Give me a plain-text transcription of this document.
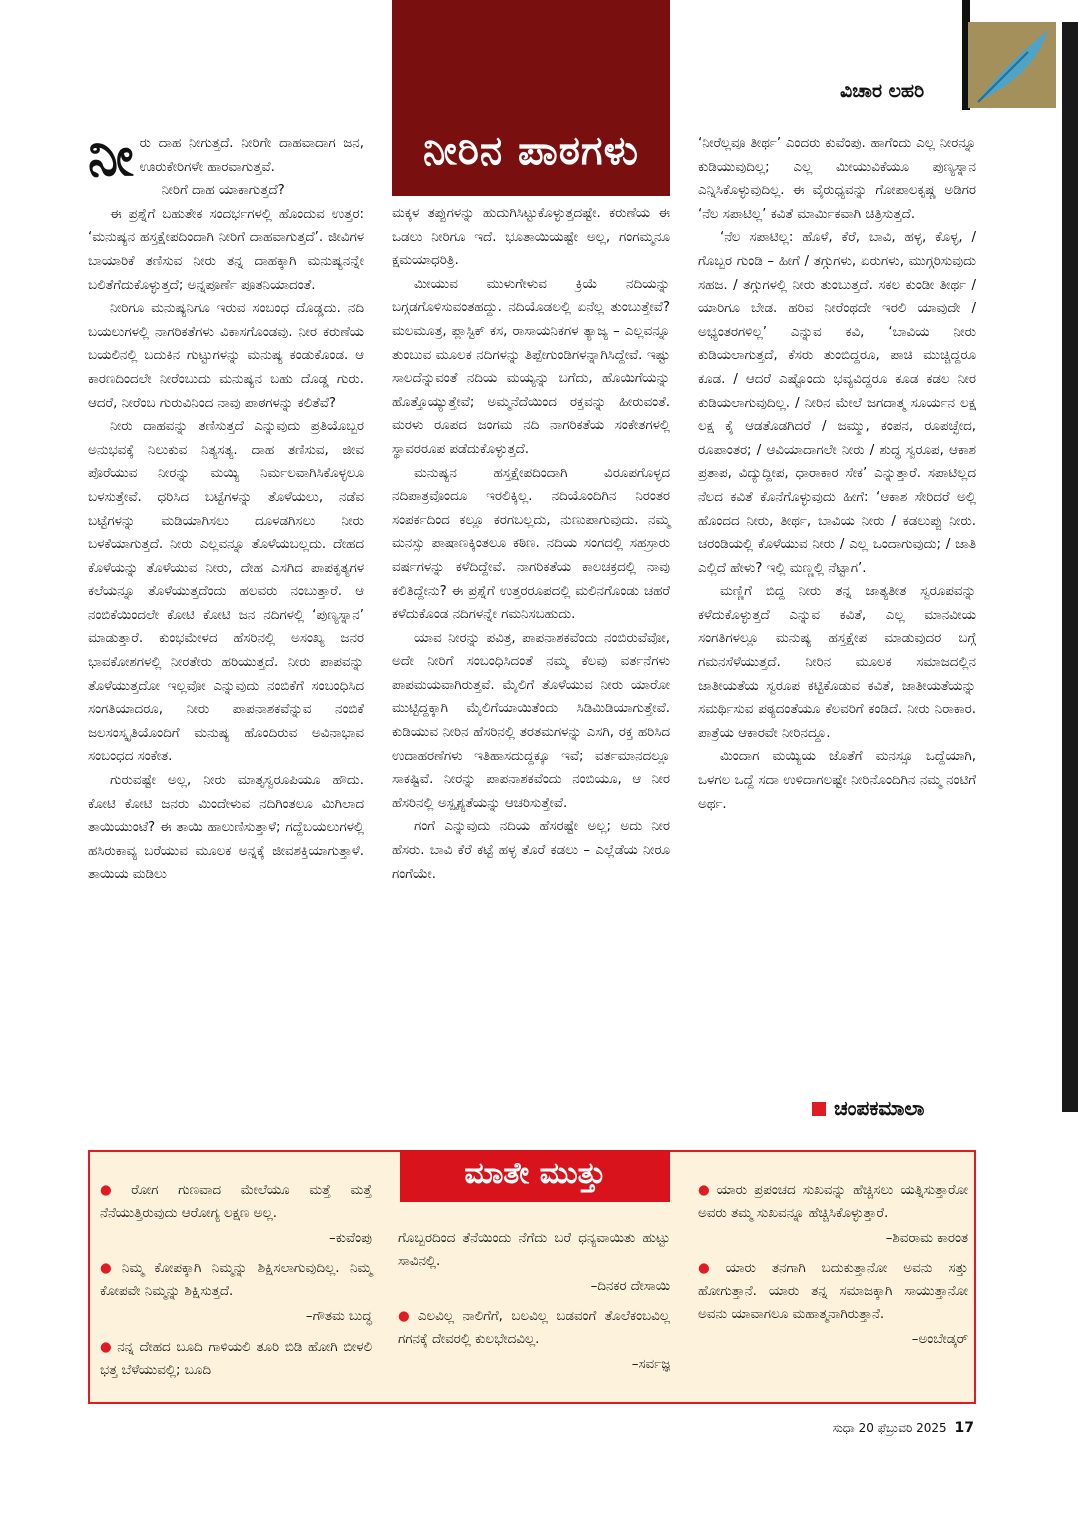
ವಿಚಾರ ಲಹರಿ
ನೀರಿನ ಪಾಠಗಳು

ನೀರು ದಾಹ ನೀಗುತ್ತದೆ. ನೀರಿಗೇ ದಾಹವಾದಾಗ ಜನ, ಊರುಕೇರಿಗಳೇ ಹಾರವಾಗುತ್ತವೆ.

ನೀರಿಗೆ ದಾಹ ಯಾಕಾಗುತ್ತದೆ?

ಈ ಪ್ರಶ್ನೆಗೆ ಬಹುತೇಕ ಸಂದರ್ಭಗಳಲ್ಲಿ ಹೊಂದುವ ಉತ್ತರ: ‘ಮನುಷ್ಯನ ಹಸ್ತಕ್ಷೇಪದಿಂದಾಗಿ ನೀರಿಗೆ ದಾಹವಾಗುತ್ತದೆ’. ಜೀವಿಗಳ ಬಾಯಾರಿಕೆ ತಣಿಸುವ ನೀರು ತನ್ನ ದಾಹಕ್ಕಾಗಿ ಮನುಷ್ಯನನ್ನೇ ಬಲಿತೆಗೆದುಕೊಳ್ಳುತ್ತದೆ; ಅನ್ನಪೂರ್ಣೆ ಪೂತನಿಯಾದಂತೆ.

ನೀರಿಗೂ ಮನುಷ್ಯನಿಗೂ ಇರುವ ಸಂಬಂಧ ದೊಡ್ಡದು. ನದಿ ಬಯಲುಗಳಲ್ಲಿ ನಾಗರಿಕತೆಗಳು ವಿಕಾಸಗೊಂಡವು. ನೀರ ಕರುಣೆಯ ಬಯಲಿನಲ್ಲಿ ಬದುಕಿನ ಗುಟ್ಟುಗಳನ್ನು ಮನುಷ್ಯ ಕಂಡುಕೊಂಡ. ಆ ಕಾರಣದಿಂದಲೇ ನೀರೆಂಬುದು ಮನುಷ್ಯನ ಬಹು ದೊಡ್ಡ ಗುರು. ಆದರೆ, ನೀರೆಂಬ ಗುರುವಿನಿಂದ ನಾವು ಪಾಠಗಳನ್ನು ಕಲಿತೆವೆ?

ನೀರು ದಾಹವನ್ನು ತಣಿಸುತ್ತದೆ ಎನ್ನುವುದು ಪ್ರತಿಯೊಬ್ಬರ ಅನುಭವಕ್ಕೆ ನಿಲುಕುವ ನಿತ್ಯಸತ್ಯ. ದಾಹ ತಣಿಸುವ, ಜೀವ ಪೊರೆಯುವ ನೀರನ್ನು ಮಯ್ಯಿ ನಿರ್ಮಲವಾಗಿಸಿಕೊಳ್ಳಲೂ ಬಳಸುತ್ತೇವೆ. ಧರಿಸಿದ ಬಟ್ಟೆಗಳನ್ನು ತೊಳೆಯಲು, ನಡೆವ ಬಟ್ಟೆಗಳನ್ನು ಮಡಿಯಾಗಿಸಲು ದೂಳಡಗಿಸಲು ನೀರು ಬಳಕೆಯಾಗುತ್ತದೆ. ನೀರು ಎಲ್ಲವನ್ನೂ ತೊಳೆಯಬಲ್ಲದು. ದೇಹದ ಕೊಳೆಯನ್ನು ತೊಳೆಯುವ ನೀರು, ದೇಹ ಎಸಗಿದ ಪಾಪಕೃತ್ಯಗಳ ಕಲೆಯನ್ನೂ ತೊಳೆಯುತ್ತದೆಂದು ಹಲವರು ನಂಬುತ್ತಾರೆ. ಆ ನಂಬಿಕೆಯಿಂದಲೇ ಕೋಟಿ ಕೋಟಿ ಜನ ನದಿಗಳಲ್ಲಿ ‘ಪುಣ್ಯಸ್ನಾನ’ ಮಾಡುತ್ತಾರೆ. ಕುಂಭಮೇಳದ ಹೆಸರಿನಲ್ಲಿ ಅಸಂಖ್ಯ ಜನರ ಭಾವಕೋಶಗಳಲ್ಲಿ ನೀರತೇರು ಹರಿಯುತ್ತದೆ. ನೀರು ಪಾಪವನ್ನು ತೊಳೆಯುತ್ತದೋ ಇಲ್ಲವೋ ಎನ್ನುವುದು ನಂಬಿಕೆಗೆ ಸಂಬಂಧಿಸಿದ ಸಂಗತಿಯಾದರೂ, ನೀರು ಪಾಪನಾಶಕವೆನ್ನುವ ನಂಬಿಕೆ ಜಲಸಂಸ್ಕೃತಿಯೊಂದಿಗೆ ಮನುಷ್ಯ ಹೊಂದಿರುವ ಅವಿನಾಭಾವ ಸಂಬಂಧದ ಸಂಕೇತ.

ಗುರುವಷ್ಟೇ ಅಲ್ಲ, ನೀರು ಮಾತೃಸ್ವರೂಪಿಯೂ ಹೌದು. ಕೋಟಿ ಕೋಟಿ ಜನರು ಮಿಂದೇಳುವ ನದಿಗಿಂತಲೂ ಮಿಗಿಲಾದ ತಾಯಿಯುಂಟೆ? ಈ ತಾಯಿ ಹಾಲುಣಿಸುತ್ತಾಳೆ; ಗದ್ದೆಬಯಲುಗಳಲ್ಲಿ ಹಸಿರುಕಾವ್ಯ ಬರೆಯುವ ಮೂಲಕ ಅನ್ನಕ್ಕೆ ಜೀವಶಕ್ತಿಯಾಗುತ್ತಾಳೆ. ತಾಯಿಯ ಮಡಿಲು

ಮಕ್ಕಳ ತಪ್ಪುಗಳನ್ನು ಹುದುಗಿಸಿಟ್ಟುಕೊಳ್ಳುತ್ತದಷ್ಟೇ. ಕರುಣೆಯ ಈ ಒಡಲು ನೀರಿಗೂ ಇದೆ. ಭೂತಾಯಿಯಷ್ಟೇ ಅಲ್ಲ, ಗಂಗಮ್ಮನೂ ಕ್ಷಮಯಾಧರಿತ್ರಿ.

ಮೀಯುವ ಮುಳುಗೇಳುವ ಕ್ರಿಯೆ ನದಿಯನ್ನು ಬಗ್ಗಡಗೊಳಿಸುವಂತಹದ್ದು. ನದಿಯೊಡಲಲ್ಲಿ ಏನೆಲ್ಲ ತುಂಬುತ್ತೇವೆ? ಮಲಮೂತ್ರ, ಪ್ಲಾಸ್ಟಿಕ್ ಕಸ, ರಾಸಾಯನಿಕಗಳ ತ್ಯಾಜ್ಯ – ಎಲ್ಲವನ್ನೂ ತುಂಬುವ ಮೂಲಕ ನದಿಗಳನ್ನು ತಿಪ್ಪೇಗುಂಡಿಗಳನ್ನಾಗಿಸಿದ್ದೇವೆ. ಇಷ್ಟು ಸಾಲದೆನ್ನುವಂತೆ ನದಿಯ ಮಯ್ಯನ್ನು ಬಗೆದು, ಹೊಯಿಗೆಯನ್ನು ಹೊತ್ತೊಯ್ಯುತ್ತೇವೆ; ಅಮ್ಮನೆದೆಯಿಂದ ರಕ್ತವನ್ನು ಹೀರುವಂತೆ. ಮರಳು ರೂಪದ ಜಂಗಮ ನದಿ ನಾಗರಿಕತೆಯ ಸಂಕೇತಗಳಲ್ಲಿ ಸ್ಥಾವರರೂಪ ಪಡೆದುಕೊಳ್ಳುತ್ತದೆ.

ಮನುಷ್ಯನ ಹಸ್ತಕ್ಷೇಪದಿಂದಾಗಿ ವಿರೂಪಗೊಳ್ಳದ ನದಿಪಾತ್ರವೊಂದೂ ಇರಲಿಕ್ಕಿಲ್ಲ. ನದಿಯೊಂದಿಗಿನ ನಿರಂತರ ಸಂಪರ್ಕದಿಂದ ಕಲ್ಲೂ ಕರಗಬಲ್ಲದು, ನುಣುಪಾಗುವುದು. ನಮ್ಮ ಮನಸ್ಸು ಪಾಷಾಣಕ್ಕಿಂತಲೂ ಕಠಿಣ. ನದಿಯ ಸಂಗದಲ್ಲಿ ಸಹಸ್ರಾರು ವರ್ಷಗಳನ್ನು ಕಳೆದಿದ್ದೇವೆ. ನಾಗರಿಕತೆಯ ಕಾಲಚಕ್ರದಲ್ಲಿ ನಾವು ಕಲಿತಿದ್ದೇನು? ಈ ಪ್ರಶ್ನೆಗೆ ಉತ್ತರರೂಪದಲ್ಲಿ ಮಲಿನಗೊಂಡು ಚಹರೆ ಕಳೆದುಕೊಂಡ ನದಿಗಳನ್ನೇ ಗಮನಿಸಬಹುದು.

ಯಾವ ನೀರನ್ನು ಪವಿತ್ರ, ಪಾಪನಾಶಕವೆಂದು ನಂಬಿರುವೆವೋ, ಅದೇ ನೀರಿಗೆ ಸಂಬಂಧಿಸಿದಂತೆ ನಮ್ಮ ಕೆಲವು ವರ್ತನೆಗಳು ಪಾಪಮಯವಾಗಿರುತ್ತವೆ. ಮೈಲಿಗೆ ತೊಳೆಯುವ ನೀರು ಯಾರೋ ಮುಟ್ಟಿದ್ದಕ್ಕಾಗಿ ಮೈಲಿಗೆಯಾಯಿತೆಂದು ಸಿಡಿಮಿಡಿಯಾಗುತ್ತೇವೆ. ಕುಡಿಯುವ ನೀರಿನ ಹೆಸರಿನಲ್ಲಿ ತರತಮಗಳನ್ನು ಎಸಗಿ, ರಕ್ತ ಹರಿಸಿದ ಉದಾಹರಣೆಗಳು ಇತಿಹಾಸದುದ್ದಕ್ಕೂ ಇವೆ; ವರ್ತಮಾನದಲ್ಲೂ ಸಾಕಷ್ಟಿವೆ. ನೀರನ್ನು ಪಾಪನಾಶಕವೆಂದು ನಂಬಿಯೂ, ಆ ನೀರ ಹೆಸರಿನಲ್ಲಿ ಅಸ್ಪೃಶ್ಯತೆಯನ್ನು ಆಚರಿಸುತ್ತೇವೆ.

ಗಂಗೆ ಎನ್ನುವುದು ನದಿಯ ಹೆಸರಷ್ಟೇ ಅಲ್ಲ; ಅದು ನೀರ ಹೆಸರು. ಬಾವಿ ಕೆರೆ ಕಟ್ಟೆ ಹಳ್ಳ ತೊರೆ ಕಡಲು – ಎಲ್ಲೆಡೆಯ ನೀರೂ ಗಂಗೆಯೇ.

‘ನೀರೆಲ್ಲವೂ ತೀರ್ಥ’ ಎಂದರು ಕುವೆಂಪು. ಹಾಗೆಂದು ಎಲ್ಲ ನೀರನ್ನೂ ಕುಡಿಯುವುದಿಲ್ಲ; ಎಲ್ಲ ಮೀಯುವಿಕೆಯೂ ಪುಣ್ಯಸ್ನಾನ ಎನ್ನಿಸಿಕೊಳ್ಳುವುದಿಲ್ಲ. ಈ ವೈರುಧ್ಯವನ್ನು ಗೋಪಾಲಕೃಷ್ಣ ಅಡಿಗರ ‘ನೆಲ ಸಪಾಟಿಲ್ಲ’ ಕವಿತೆ ಮಾರ್ಮಿಕವಾಗಿ ಚಿತ್ರಿಸುತ್ತದೆ.

‘ನೆಲ ಸಪಾಟಿಲ್ಲ: ಹೊಳೆ, ಕೆರೆ, ಬಾವಿ, ಹಳ್ಳ, ಕೊಳ್ಳ, / ಗೊಬ್ಬರ ಗುಂಡಿ – ಹೀಗೆ / ತಗ್ಗುಗಳು, ಏರುಗಳು, ಮುಗ್ಗರಿಸುವುದು ಸಹಜ. / ತಗ್ಗುಗಳಲ್ಲಿ ನೀರು ತುಂಬುತ್ತದೆ. ಸಕಲ ಕುಂಡೀ ತೀರ್ಥ / ಯಾರಿಗೂ ಬೇಡ. ಹರಿವ ನೀರೆಂಥದೇ ಇರಲಿ ಯಾವುದೇ / ಅಭ್ಯಂತರಗಳಿಲ್ಲ’ ಎನ್ನುವ ಕವಿ, ‘ಬಾವಿಯ ನೀರು ಕುಡಿಯಲಾಗುತ್ತದೆ, ಕೆಸರು ತುಂಬಿದ್ದರೂ, ಪಾಚಿ ಮುಚ್ಚಿದ್ದರೂ ಕೂಡ. / ಆದರೆ ಎಷ್ಟೊಂದು ಭವ್ಯವಿದ್ದರೂ ಕೂಡ ಕಡಲ ನೀರ ಕುಡಿಯಲಾಗುವುದಿಲ್ಲ. / ನೀರಿನ ಮೇಲೆ ಜಗದಾತ್ಮ ಸೂರ್ಯನ ಲಕ್ಷ ಲಕ್ಷ ಕೈ ಆಡತೊಡಗಿದರೆ / ಜಮ್ಮು, ಕಂಪನ, ರೂಪಚ್ಛೇದ, ರೂಪಾಂತರ; / ಆವಿಯಾದಾಗಲೇ ನೀರು / ಶುದ್ಧ ಸ್ವರೂಪ, ಆಕಾಶ ಪ್ರತಾಪ, ವಿದ್ಯುದ್ದೀಪ, ಧಾರಾಕಾರ ಸೇಕ’ ಎನ್ನುತ್ತಾರೆ. ಸಪಾಟಿಲ್ಲದ ನೆಲದ ಕವಿತೆ ಕೊನೆಗೊಳ್ಳುವುದು ಹೀಗೆ: ‘ಆಕಾಶ ಸೇರಿದರೆ ಅಲ್ಲಿ ಹೊಂದದ ನೀರು, ತೀರ್ಥ, ಬಾವಿಯ ನೀರು / ಕಡಲುಪ್ಪು ನೀರು. ಚರಂಡಿಯಲ್ಲಿ ಕೊಳೆಯುವ ನೀರು / ಎಲ್ಲ ಒಂದಾಗುವುದು; / ಜಾತಿ ಎಲ್ಲಿದೆ ಹೇಳು? ಇಲ್ಲಿ ಮಣ್ಣಲ್ಲಿ ನೆಟ್ಟಾಗ’.

ಮಣ್ಣಿಗೆ ಬಿದ್ದ ನೀರು ತನ್ನ ಜಾತ್ಯತೀತ ಸ್ವರೂಪವನ್ನು ಕಳೆದುಕೊಳ್ಳುತ್ತದೆ ಎನ್ನುವ ಕವಿತೆ, ಎಲ್ಲ ಮಾನವೀಯ ಸಂಗತಿಗಳಲ್ಲೂ ಮನುಷ್ಯ ಹಸ್ತಕ್ಷೇಪ ಮಾಡುವುದರ ಬಗ್ಗೆ ಗಮನಸೆಳೆಯುತ್ತದೆ. ನೀರಿನ ಮೂಲಕ ಸಮಾಜದಲ್ಲಿನ ಜಾತೀಯತೆಯ ಸ್ವರೂಪ ಕಟ್ಟಿಕೊಡುವ ಕವಿತೆ, ಜಾತೀಯತೆಯನ್ನು ಸಮರ್ಥಿಸುವ ಪಠ್ಯದಂತೆಯೂ ಕೆಲವರಿಗೆ ಕಂಡಿದೆ. ನೀರು ನಿರಾಕಾರ. ಪಾತ್ರೆಯ ಆಕಾರವೇ ನೀರಿನದ್ದೂ.

ಮಿಂದಾಗ ಮಯ್ಯಿಯ ಜೊತೆಗೆ ಮನಸ್ಸೂ ಒದ್ದೆಯಾಗಿ, ಒಳಗಲ ಒದ್ದೆ ಸದಾ ಉಳಿದಾಗಲಷ್ಟೇ ನೀರಿನೊಂದಿಗಿನ ನಮ್ಮ ನಂಟಿಗೆ ಅರ್ಥ.

ಚಂಪಕಮಾಲಾ
ಮಾತೇ ಮುತ್ತು

● ರೋಗ ಗುಣವಾದ ಮೇಲೆಯೂ ಮತ್ತೆ ಮತ್ತೆ ನೆನೆಯುತ್ತಿರುವುದು ಆರೋಗ್ಯ ಲಕ್ಷಣ ಅಲ್ಲ.

–ಕುವೆಂಪು

● ನಿಮ್ಮ ಕೋಪಕ್ಕಾಗಿ ನಿಮ್ಮನ್ನು ಶಿಕ್ಷಿಸಲಾಗುವುದಿಲ್ಲ. ನಿಮ್ಮ ಕೋಪವೇ ನಿಮ್ಮನ್ನು ಶಿಕ್ಷಿಸುತ್ತದೆ.

–ಗೌತಮ ಬುದ್ಧ

● ನನ್ನ ದೇಹದ ಬೂದಿ ಗಾಳಿಯಲಿ ತೂರಿ ಬಿಡಿ ಹೋಗಿ ಬೀಳಲಿ ಭತ್ತ ಬೆಳೆಯುವಲ್ಲಿ; ಬೂದಿ

ಗೊಬ್ಬರದಿಂದ ತೆನೆಯಿಂದು ನೆಗೆದು ಬರೆ ಧನ್ಯವಾಯಿತು ಹುಟ್ಟು ಸಾವಿನಲ್ಲಿ.

–ದಿನಕರ ದೇಸಾಯಿ

● ಎಲವಿಲ್ಲ ನಾಲಿಗೆಗೆ, ಬಲವಿಲ್ಲ ಬಡವಂಗೆ ತೊಲೆಕಂಬವಿಲ್ಲ ಗಗನಕ್ಕೆ ದೇವರಲ್ಲಿ ಕುಲಭೇದವಿಲ್ಲ.

–ಸರ್ವಜ್ಞ

● ಯಾರು ಪ್ರಪಂಚದ ಸುಖವನ್ನು ಹೆಚ್ಚಿಸಲು ಯತ್ನಿಸುತ್ತಾರೋ ಅವರು ತಮ್ಮ ಸುಖವನ್ನೂ ಹೆಚ್ಚಿಸಿಕೊಳ್ಳುತ್ತಾರೆ.

–ಶಿವರಾಮ ಕಾರಂತ

● ಯಾರು ತನಗಾಗಿ ಬದುಕುತ್ತಾನೋ ಅವನು ಸತ್ತು ಹೋಗುತ್ತಾನೆ. ಯಾರು ತನ್ನ ಸಮಾಜಕ್ಕಾಗಿ ಸಾಯುತ್ತಾನೋ ಅವನು ಯಾವಾಗಲೂ ಮಹಾತ್ಮನಾಗಿರುತ್ತಾನೆ.

–ಅಂಬೇಡ್ಕರ್

ಸುಧಾ 20 ಫೆಬ್ರುವರಿ 2025 17
